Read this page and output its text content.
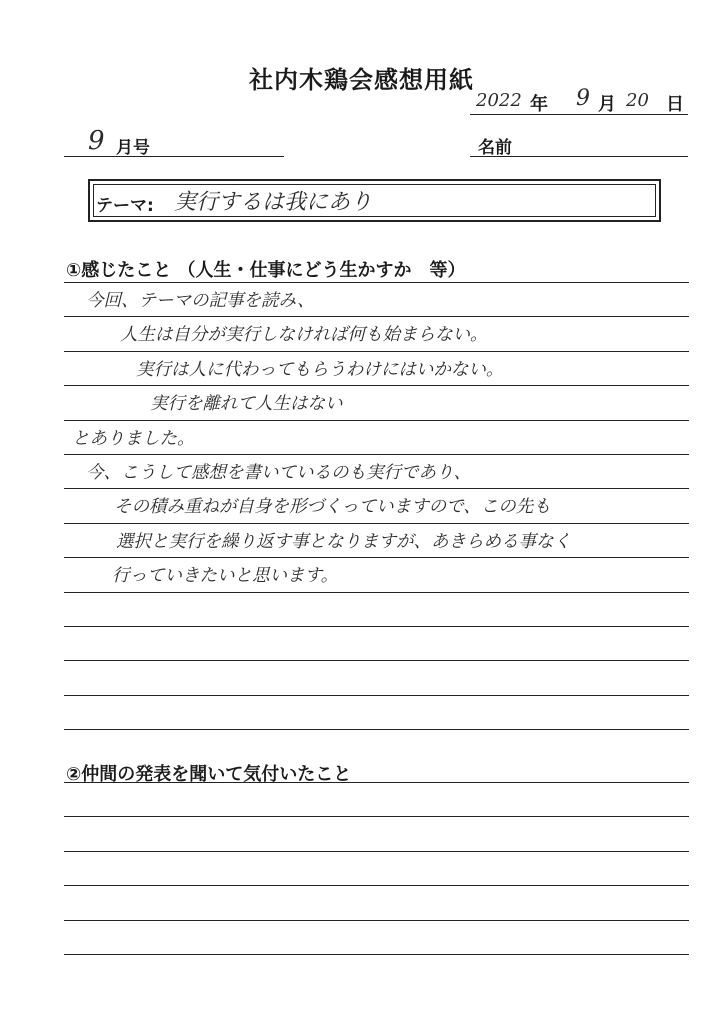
社内木鶏会感想用紙
2022 年 9 月 20 日
9 月号	名前
テーマ: 実行するは我にあり
①感じたこと （人生・仕事にどう生かすか　等）
今回、テーマの記事を読み、
人生は自分が実行しなければ何も始まらない。
実行は人に代わってもらうわけにはいかない。
実行を離れて人生はない
とありました。
今、こうして感想を書いているのも実行であり、
その積み重ねが自身を形づくっていますので、この先も
選択と実行を繰り返す事となりますが、あきらめる事なく
行っていきたいと思います。
②仲間の発表を聞いて気付いたこと
